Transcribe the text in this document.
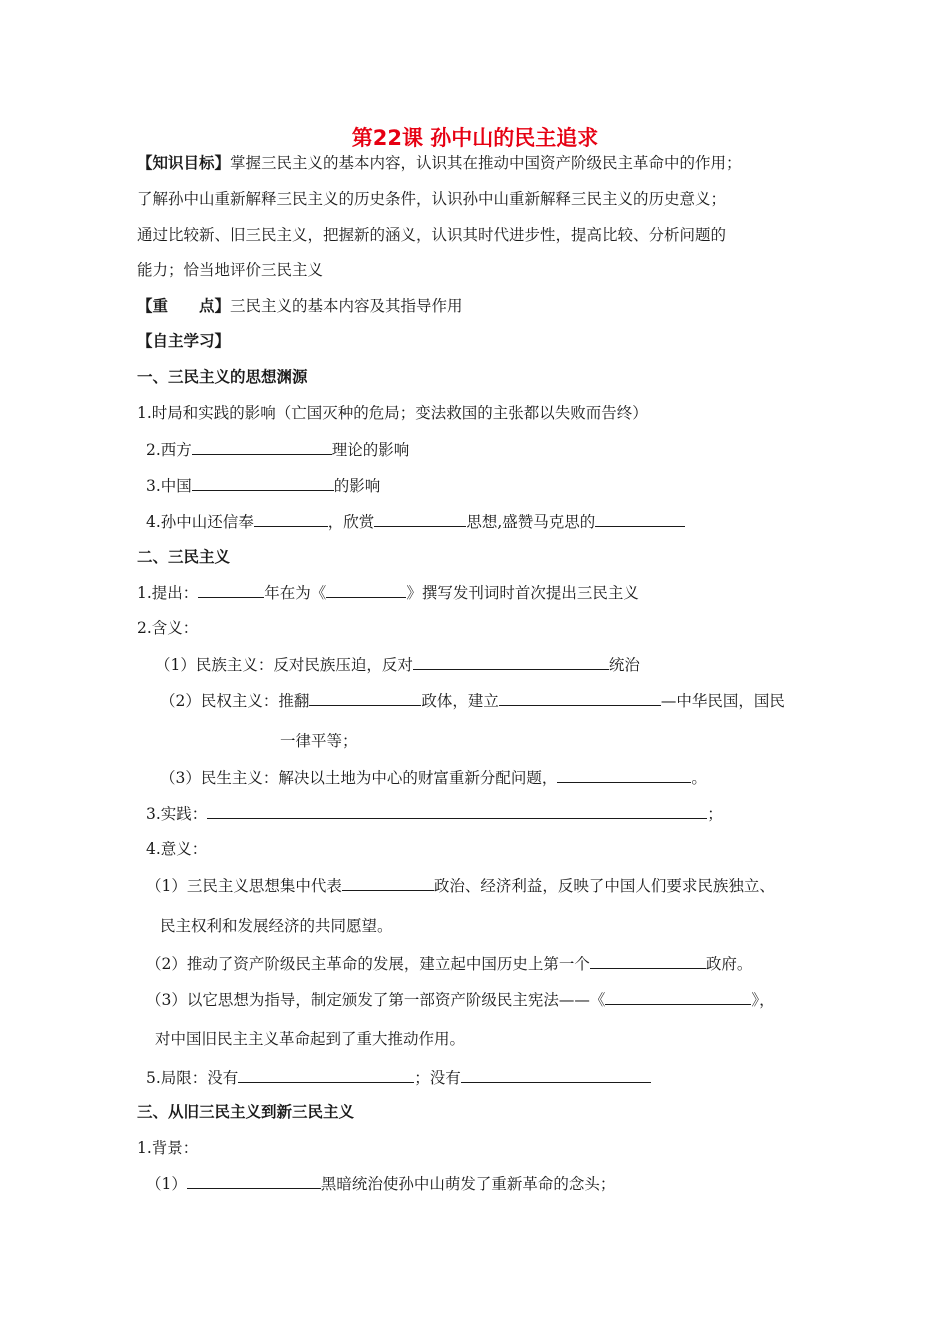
第22课 孙中山的民主追求
【知识目标】掌握三民主义的基本内容，认识其在推动中国资产阶级民主革命中的作用；
了解孙中山重新解释三民主义的历史条件，认识孙中山重新解释三民主义的历史意义；
通过比较新、旧三民主义，把握新的涵义，认识其时代进步性，提高比较、分析问题的
能力；恰当地评价三民主义
【重　　点】三民主义的基本内容及其指导作用
【自主学习】
一、三民主义的思想渊源
1.时局和实践的影响（亡国灭种的危局；变法救国的主张都以失败而告终）
2.西方	理论的影响
3.中国	的影响
4.孙中山还信奉	，欣赏	思想,盛赞马克思的
二、三民主义
1.提出：	年在为《	》撰写发刊词时首次提出三民主义
2.含义：
（1）民族主义：反对民族压迫，反对	统治
（2）民权主义：推翻	政体，建立	—中华民国，国民
一律平等；
（3）民生主义：解决以土地为中心的财富重新分配问题，	。
3.实践：	；
4.意义：
（1）三民主义思想集中代表	政治、经济利益，反映了中国人们要求民族独立、
民主权利和发展经济的共同愿望。
（2）推动了资产阶级民主革命的发展，建立起中国历史上第一个	政府。
（3）以它思想为指导，制定颁发了第一部资产阶级民主宪法——《	》，
对中国旧民主主义革命起到了重大推动作用。
5.局限：没有	；没有
三、从旧三民主义到新三民主义
1.背景：
（1）	黑暗统治使孙中山萌发了重新革命的念头；
